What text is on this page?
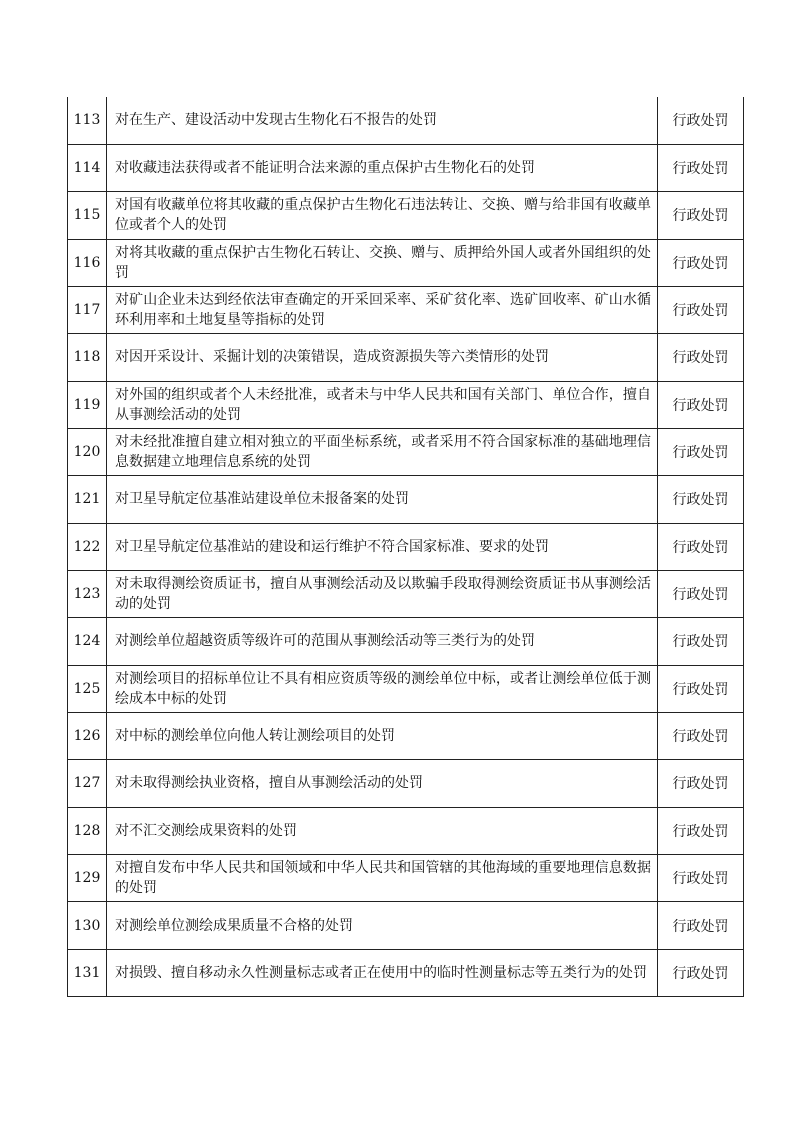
113	对在生产、建设活动中发现古生物化石不报告的处罚	行政处罚
114	对收藏违法获得或者不能证明合法来源的重点保护古生物化石的处罚	行政处罚
115	对国有收藏单位将其收藏的重点保护古生物化石违法转让、交换、赠与给非国有收藏单位或者个人的处罚	行政处罚
116	对将其收藏的重点保护古生物化石转让、交换、赠与、质押给外国人或者外国组织的处罚	行政处罚
117	对矿山企业未达到经依法审查确定的开采回采率、采矿贫化率、选矿回收率、矿山水循环利用率和土地复垦等指标的处罚	行政处罚
118	对因开采设计、采掘计划的决策错误，造成资源损失等六类情形的处罚	行政处罚
119	对外国的组织或者个人未经批准，或者未与中华人民共和国有关部门、单位合作，擅自从事测绘活动的处罚	行政处罚
120	对未经批准擅自建立相对独立的平面坐标系统，或者采用不符合国家标准的基础地理信息数据建立地理信息系统的处罚	行政处罚
121	对卫星导航定位基准站建设单位未报备案的处罚	行政处罚
122	对卫星导航定位基准站的建设和运行维护不符合国家标准、要求的处罚	行政处罚
123	对未取得测绘资质证书，擅自从事测绘活动及以欺骗手段取得测绘资质证书从事测绘活动的处罚	行政处罚
124	对测绘单位超越资质等级许可的范围从事测绘活动等三类行为的处罚	行政处罚
125	对测绘项目的招标单位让不具有相应资质等级的测绘单位中标，或者让测绘单位低于测绘成本中标的处罚	行政处罚
126	对中标的测绘单位向他人转让测绘项目的处罚	行政处罚
127	对未取得测绘执业资格，擅自从事测绘活动的处罚	行政处罚
128	对不汇交测绘成果资料的处罚	行政处罚
129	对擅自发布中华人民共和国领域和中华人民共和国管辖的其他海域的重要地理信息数据的处罚	行政处罚
130	对测绘单位测绘成果质量不合格的处罚	行政处罚
131	对损毁、擅自移动永久性测量标志或者正在使用中的临时性测量标志等五类行为的处罚	行政处罚
